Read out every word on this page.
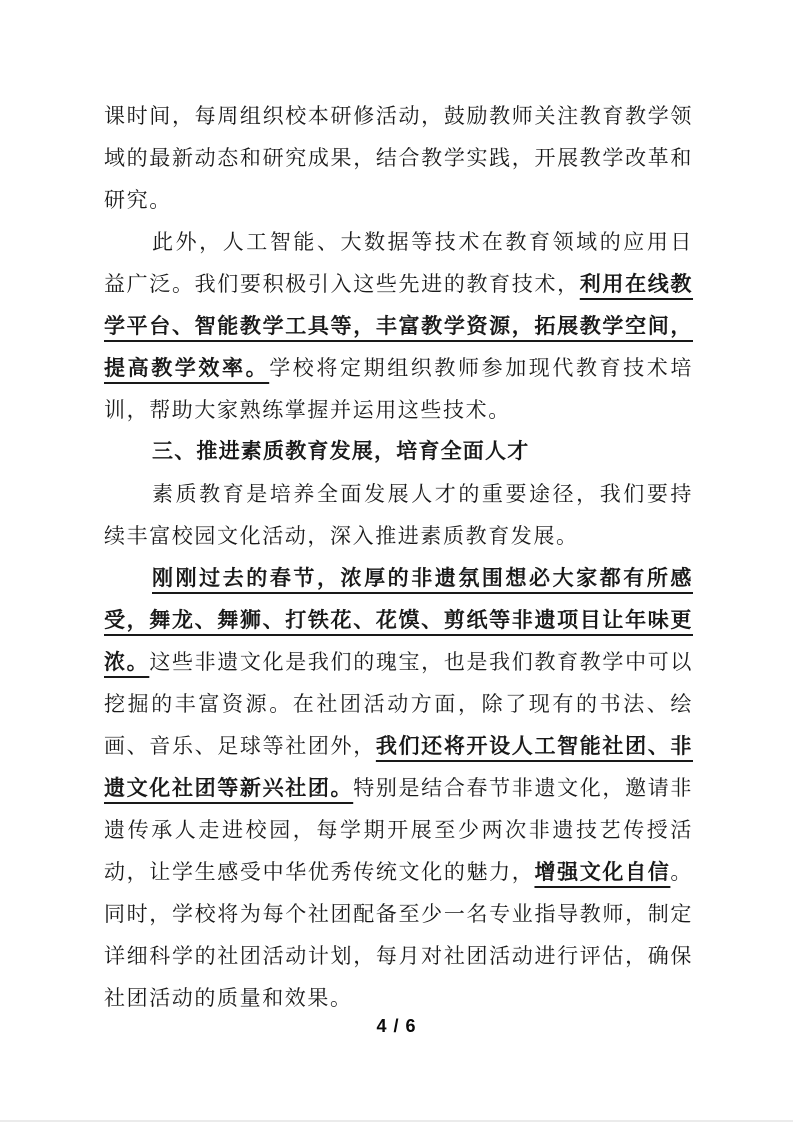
课时间，每周组织校本研修活动，鼓励教师关注教育教学领域的最新动态和研究成果，结合教学实践，开展教学改革和研究。

此外，人工智能、大数据等技术在教育领域的应用日益广泛。我们要积极引入这些先进的教育技术，利用在线教学平台、智能教学工具等，丰富教学资源，拓展教学空间，提高教学效率。学校将定期组织教师参加现代教育技术培训，帮助大家熟练掌握并运用这些技术。

三、推进素质教育发展，培育全面人才

素质教育是培养全面发展人才的重要途径，我们要持续丰富校园文化活动，深入推进素质教育发展。

刚刚过去的春节，浓厚的非遗氛围想必大家都有所感受，舞龙、舞狮、打铁花、花馍、剪纸等非遗项目让年味更浓。这些非遗文化是我们的瑰宝，也是我们教育教学中可以挖掘的丰富资源。在社团活动方面，除了现有的书法、绘画、音乐、足球等社团外，我们还将开设人工智能社团、非遗文化社团等新兴社团。特别是结合春节非遗文化，邀请非遗传承人走进校园，每学期开展至少两次非遗技艺传授活动，让学生感受中华优秀传统文化的魅力，增强文化自信。同时，学校将为每个社团配备至少一名专业指导教师，制定详细科学的社团活动计划，每月对社团活动进行评估，确保社团活动的质量和效果。

4 / 6
